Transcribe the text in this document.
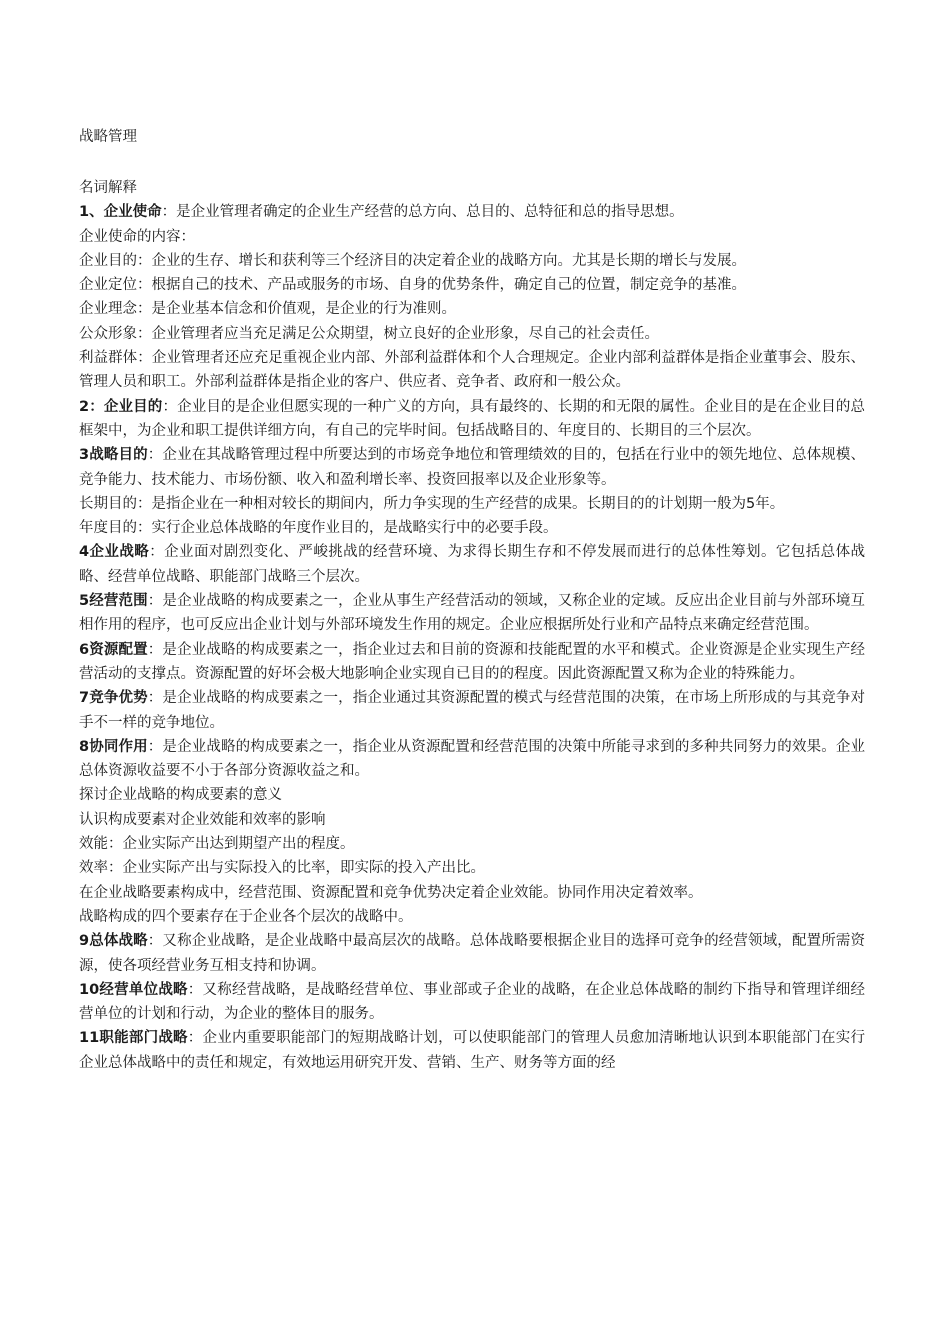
战略管理

名词解释

1、企业使命：是企业管理者确定的企业生产经营的总方向、总目的、总特征和总的指导思想。

企业使命的内容：

企业目的：企业的生存、增长和获利等三个经济目的决定着企业的战略方向。尤其是长期的增长与发展。

企业定位：根据自己的技术、产品或服务的市场、自身的优势条件，确定自己的位置，制定竞争的基准。

企业理念：是企业基本信念和价值观，是企业的行为准则。

公众形象：企业管理者应当充足满足公众期望，树立良好的企业形象，尽自己的社会责任。

利益群体：企业管理者还应充足重视企业内部、外部利益群体和个人合理规定。企业内部利益群体是指企业董事会、股东、管理人员和职工。外部利益群体是指企业的客户、供应者、竞争者、政府和一般公众。

2：企业目的：企业目的是企业但愿实现的一种广义的方向，具有最终的、长期的和无限的属性。企业目的是在企业目的总框架中，为企业和职工提供详细方向，有自己的完毕时间。包括战略目的、年度目的、长期目的三个层次。

3战略目的：企业在其战略管理过程中所要达到的市场竞争地位和管理绩效的目的，包括在行业中的领先地位、总体规模、竞争能力、技术能力、市场份额、收入和盈利增长率、投资回报率以及企业形象等。

长期目的：是指企业在一种相对较长的期间内，所力争实现的生产经营的成果。长期目的的计划期一般为5年。

年度目的：实行企业总体战略的年度作业目的，是战略实行中的必要手段。

4企业战略：企业面对剧烈变化、严峻挑战的经营环境、为求得长期生存和不停发展而进行的总体性筹划。它包括总体战略、经营单位战略、职能部门战略三个层次。

5经营范围：是企业战略的构成要素之一，企业从事生产经营活动的领域，又称企业的定域。反应出企业目前与外部环境互相作用的程序，也可反应出企业计划与外部环境发生作用的规定。企业应根据所处行业和产品特点来确定经营范围。

6资源配置：是企业战略的构成要素之一，指企业过去和目前的资源和技能配置的水平和模式。企业资源是企业实现生产经营活动的支撑点。资源配置的好坏会极大地影响企业实现自已目的的程度。因此资源配置又称为企业的特殊能力。

7竞争优势：是企业战略的构成要素之一，指企业通过其资源配置的模式与经营范围的决策，在市场上所形成的与其竞争对手不一样的竞争地位。

8协同作用：是企业战略的构成要素之一，指企业从资源配置和经营范围的决策中所能寻求到的多种共同努力的效果。企业总体资源收益要不小于各部分资源收益之和。

探讨企业战略的构成要素的意义

认识构成要素对企业效能和效率的影响

效能：企业实际产出达到期望产出的程度。

效率：企业实际产出与实际投入的比率，即实际的投入产出比。

在企业战略要素构成中，经营范围、资源配置和竞争优势决定着企业效能。协同作用决定着效率。

战略构成的四个要素存在于企业各个层次的战略中。

9总体战略：又称企业战略，是企业战略中最高层次的战略。总体战略要根据企业目的选择可竞争的经营领域，配置所需资源，使各项经营业务互相支持和协调。

10经营单位战略：又称经营战略，是战略经营单位、事业部或子企业的战略，在企业总体战略的制约下指导和管理详细经营单位的计划和行动，为企业的整体目的服务。

11职能部门战略：企业内重要职能部门的短期战略计划，可以使职能部门的管理人员愈加清晰地认识到本职能部门在实行企业总体战略中的责任和规定，有效地运用研究开发、营销、生产、财务等方面的经
